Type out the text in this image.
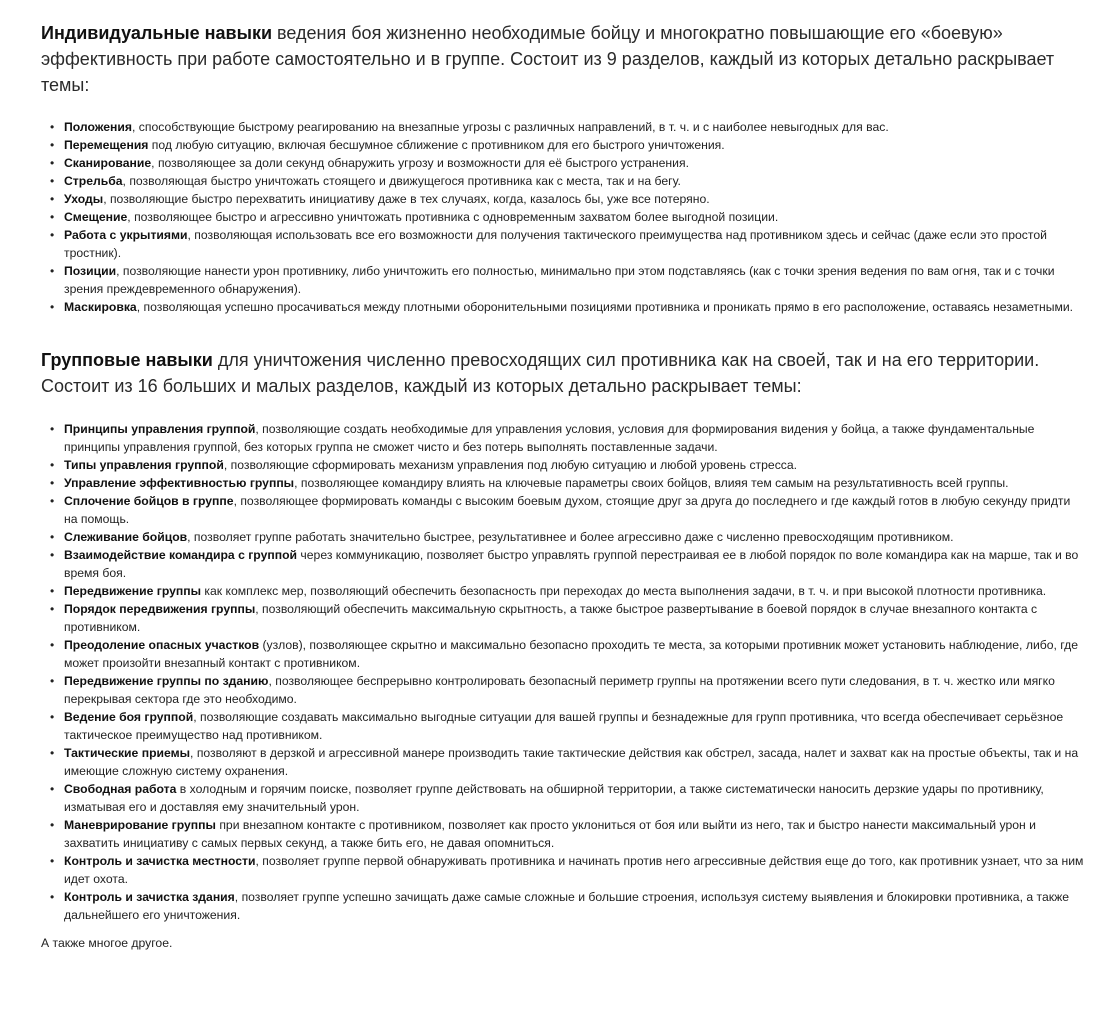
Индивидуальные навыки ведения боя жизненно необходимые бойцу и многократно повышающие его «боевую» эффективность при работе самостоятельно и в группе. Состоит из 9 разделов, каждый из которых детально раскрывает темы:

• Положения, способствующие быстрому реагированию на внезапные угрозы с различных направлений, в т. ч. и с наиболее невыгодных для вас.
• Перемещения под любую ситуацию, включая бесшумное сближение с противником для его быстрого уничтожения.
• Сканирование, позволяющее за доли секунд обнаружить угрозу и возможности для её быстрого устранения.
• Стрельба, позволяющая быстро уничтожать стоящего и движущегося противника как с места, так и на бегу.
• Уходы, позволяющие быстро перехватить инициативу даже в тех случаях, когда, казалось бы, уже все потеряно.
• Смещение, позволяющее быстро и агрессивно уничтожать противника с одновременным захватом более выгодной позиции.
• Работа с укрытиями, позволяющая использовать все его возможности для получения тактического преимущества над противником здесь и сейчас (даже если это простой тростник).
• Позиции, позволяющие нанести урон противнику, либо уничтожить его полностью, минимально при этом подставляясь (как с точки зрения ведения по вам огня, так и с точки зрения преждевременного обнаружения).
• Маскировка, позволяющая успешно просачиваться между плотными оборонительными позициями противника и проникать прямо в его расположение, оставаясь незаметными.

Групповые навыки для уничтожения численно превосходящих сил противника как на своей, так и на его территории. Состоит из 16 больших и малых разделов, каждый из которых детально раскрывает темы:

• Принципы управления группой, позволяющие создать необходимые для управления условия, условия для формирования видения у бойца, а также фундаментальные принципы управления группой, без которых группа не сможет чисто и без потерь выполнять поставленные задачи.
• Типы управления группой, позволяющие сформировать механизм управления под любую ситуацию и любой уровень стресса.
• Управление эффективностью группы, позволяющее командиру влиять на ключевые параметры своих бойцов, влияя тем самым на результативность всей группы.
• Сплочение бойцов в группе, позволяющее формировать команды с высоким боевым духом, стоящие друг за друга до последнего и где каждый готов в любую секунду придти на помощь.
• Слеживание бойцов, позволяет группе работать значительно быстрее, результативнее и более агрессивно даже с численно превосходящим противником.
• Взаимодействие командира с группой через коммуникацию, позволяет быстро управлять группой перестраивая ее в любой порядок по воле командира как на марше, так и во время боя.
• Передвижение группы как комплекс мер, позволяющий обеспечить безопасность при переходах до места выполнения задачи, в т. ч. и при высокой плотности противника.
• Порядок передвижения группы, позволяющий обеспечить максимальную скрытность, а также быстрое развертывание в боевой порядок в случае внезапного контакта с противником.
• Преодоление опасных участков (узлов), позволяющее скрытно и максимально безопасно проходить те места, за которыми противник может установить наблюдение, либо, где может произойти внезапный контакт с противником.
• Передвижение группы по зданию, позволяющее беспрерывно контролировать безопасный периметр группы на протяжении всего пути следования, в т. ч. жестко или мягко перекрывая сектора где это необходимо.
• Ведение боя группой, позволяющие создавать максимально выгодные ситуации для вашей группы и безнадежные для групп противника, что всегда обеспечивает серьёзное тактическое преимущество над противником.
• Тактические приемы, позволяют в дерзкой и агрессивной манере производить такие тактические действия как обстрел, засада, налет и захват как на простые объекты, так и на имеющие сложную систему охранения.
• Свободная работа в холодным и горячим поиске, позволяет группе действовать на обширной территории, а также систематически наносить дерзкие удары по противнику, изматывая его и доставляя ему значительный урон.
• Маневрирование группы при внезапном контакте с противником, позволяет как просто уклониться от боя или выйти из него, так и быстро нанести максимальный урон и захватить инициативу с самых первых секунд, а также бить его, не давая опомниться.
• Контроль и зачистка местности, позволяет группе первой обнаруживать противника и начинать против него агрессивные действия еще до того, как противник узнает, что за ним идет охота.
• Контроль и зачистка здания, позволяет группе успешно зачищать даже самые сложные и большие строения, используя систему выявления и блокировки противника, а также дальнейшего его уничтожения.

А также многое другое.
